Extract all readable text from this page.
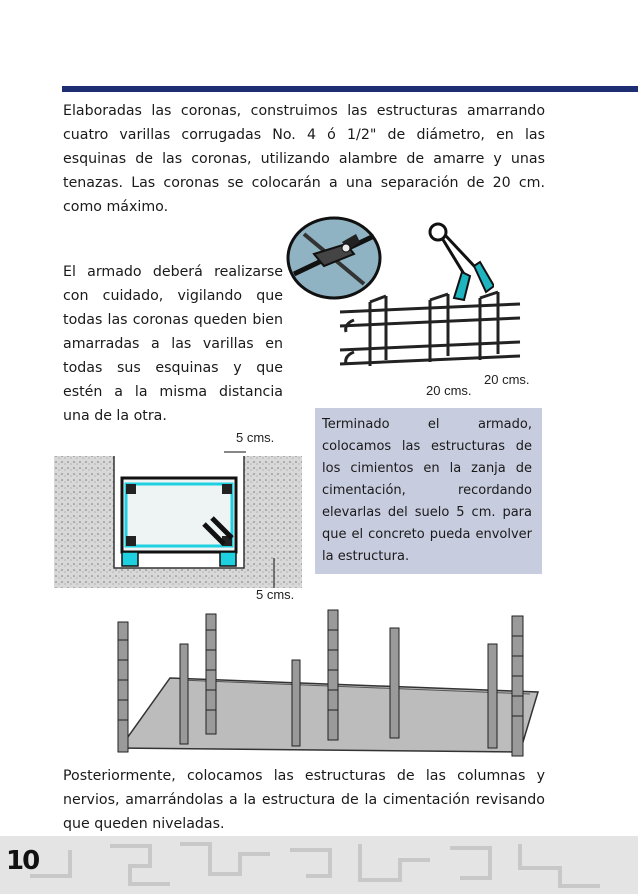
Elaboradas las coronas, construimos las estructuras amarrando cuatro varillas corrugadas No. 4 ó 1/2" de diámetro, en las esquinas de las coronas, utilizando alambre de amarre y unas tenazas. Las coronas se colocarán a una separación de 20 cm. como máximo.

20 cms.
20 cms.

El armado deberá realizarse con cuidado, vigilando que todas las coronas queden bien amarradas a las varillas en todas sus esquinas y que estén a la misma distancia una de la otra.

5 cms.
5 cms.

Terminado el armado, colocamos las estructuras de los cimientos en la zanja de cimentación, recordando elevarlas del suelo 5 cm. para que el concreto pueda envolver la estructura.

Posteriormente, colocamos las estructuras de las columnas y nervios, amarrándolas a la estructura de la cimentación revisando que queden niveladas.

10
